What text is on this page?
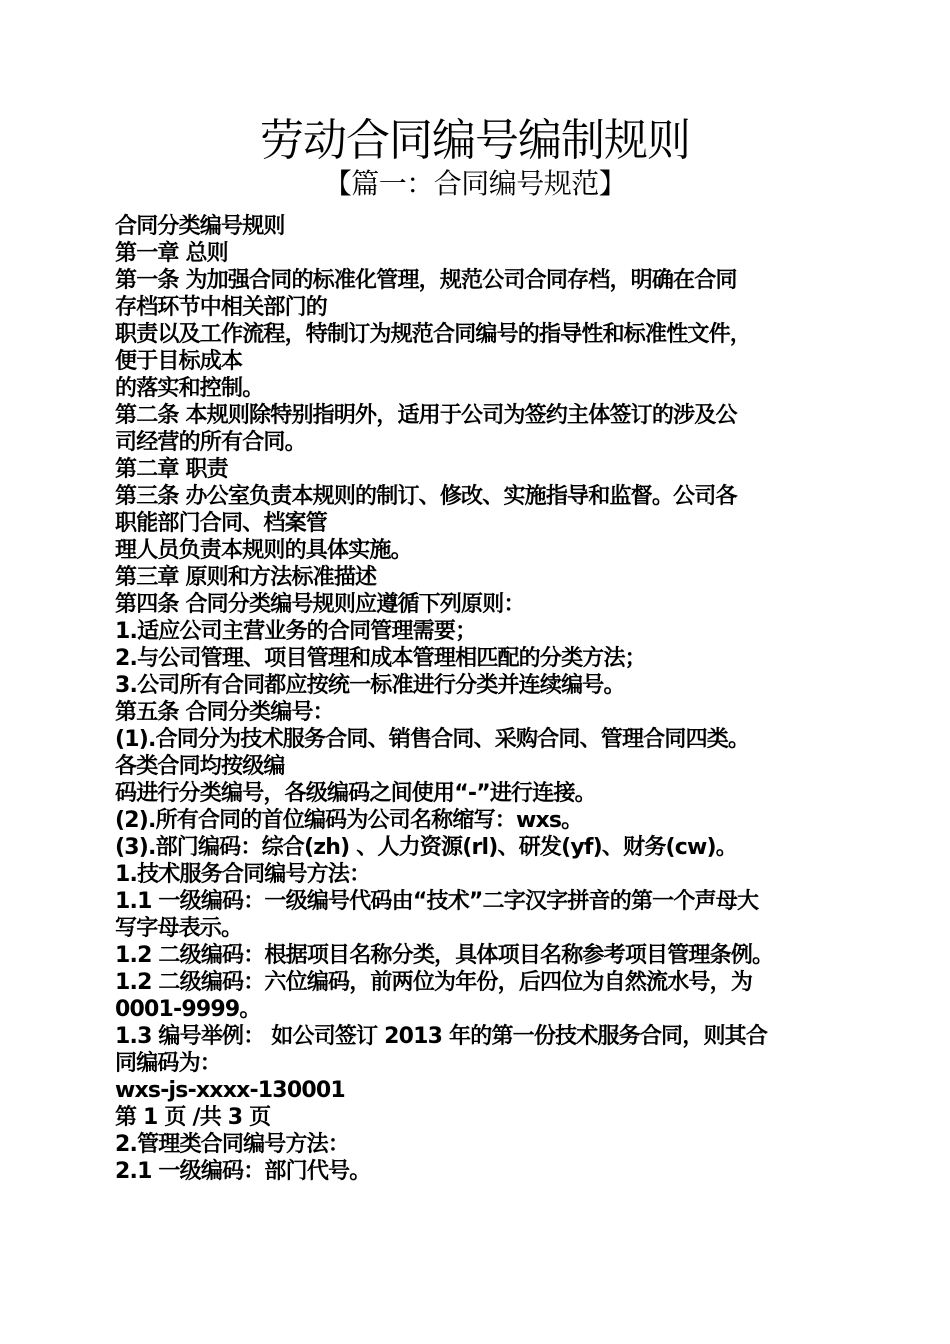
劳动合同编号编制规则
【篇一：合同编号规范】
合同分类编号规则
第一章 总则
第一条 为加强合同的标准化管理，规范公司合同存档，明确在合同
存档环节中相关部门的
职责以及工作流程，特制订为规范合同编号的指导性和标准性文件，
便于目标成本
的落实和控制。
第二条 本规则除特别指明外，适用于公司为签约主体签订的涉及公
司经营的所有合同。
第二章 职责
第三条 办公室负责本规则的制订、修改、实施指导和监督。公司各
职能部门合同、档案管
理人员负责本规则的具体实施。
第三章 原则和方法标准描述
第四条 合同分类编号规则应遵循下列原则：
1.适应公司主营业务的合同管理需要；
2.与公司管理、项目管理和成本管理相匹配的分类方法；
3.公司所有合同都应按统一标准进行分类并连续编号。
第五条 合同分类编号：
(1).合同分为技术服务合同、销售合同、采购合同、管理合同四类。
各类合同均按级编
码进行分类编号，各级编码之间使用“-”进行连接。
(2).所有合同的首位编码为公司名称缩写：wxs。
(3).部门编码：综合(zh) 、人力资源(rl)、研发(yf)、财务(cw)。
1.技术服务合同编号方法：
1.1 一级编码：一级编号代码由“技术”二字汉字拼音的第一个声母大
写字母表示。
1.2 二级编码：根据项目名称分类，具体项目名称参考项目管理条例。
1.2 二级编码：六位编码，前两位为年份，后四位为自然流水号，为
0001-9999。
1.3 编号举例： 如公司签订 2013 年的第一份技术服务合同，则其合
同编码为：
wxs-js-xxxx-130001
第 1 页 /共 3 页
2.管理类合同编号方法：
2.1 一级编码：部门代号。
